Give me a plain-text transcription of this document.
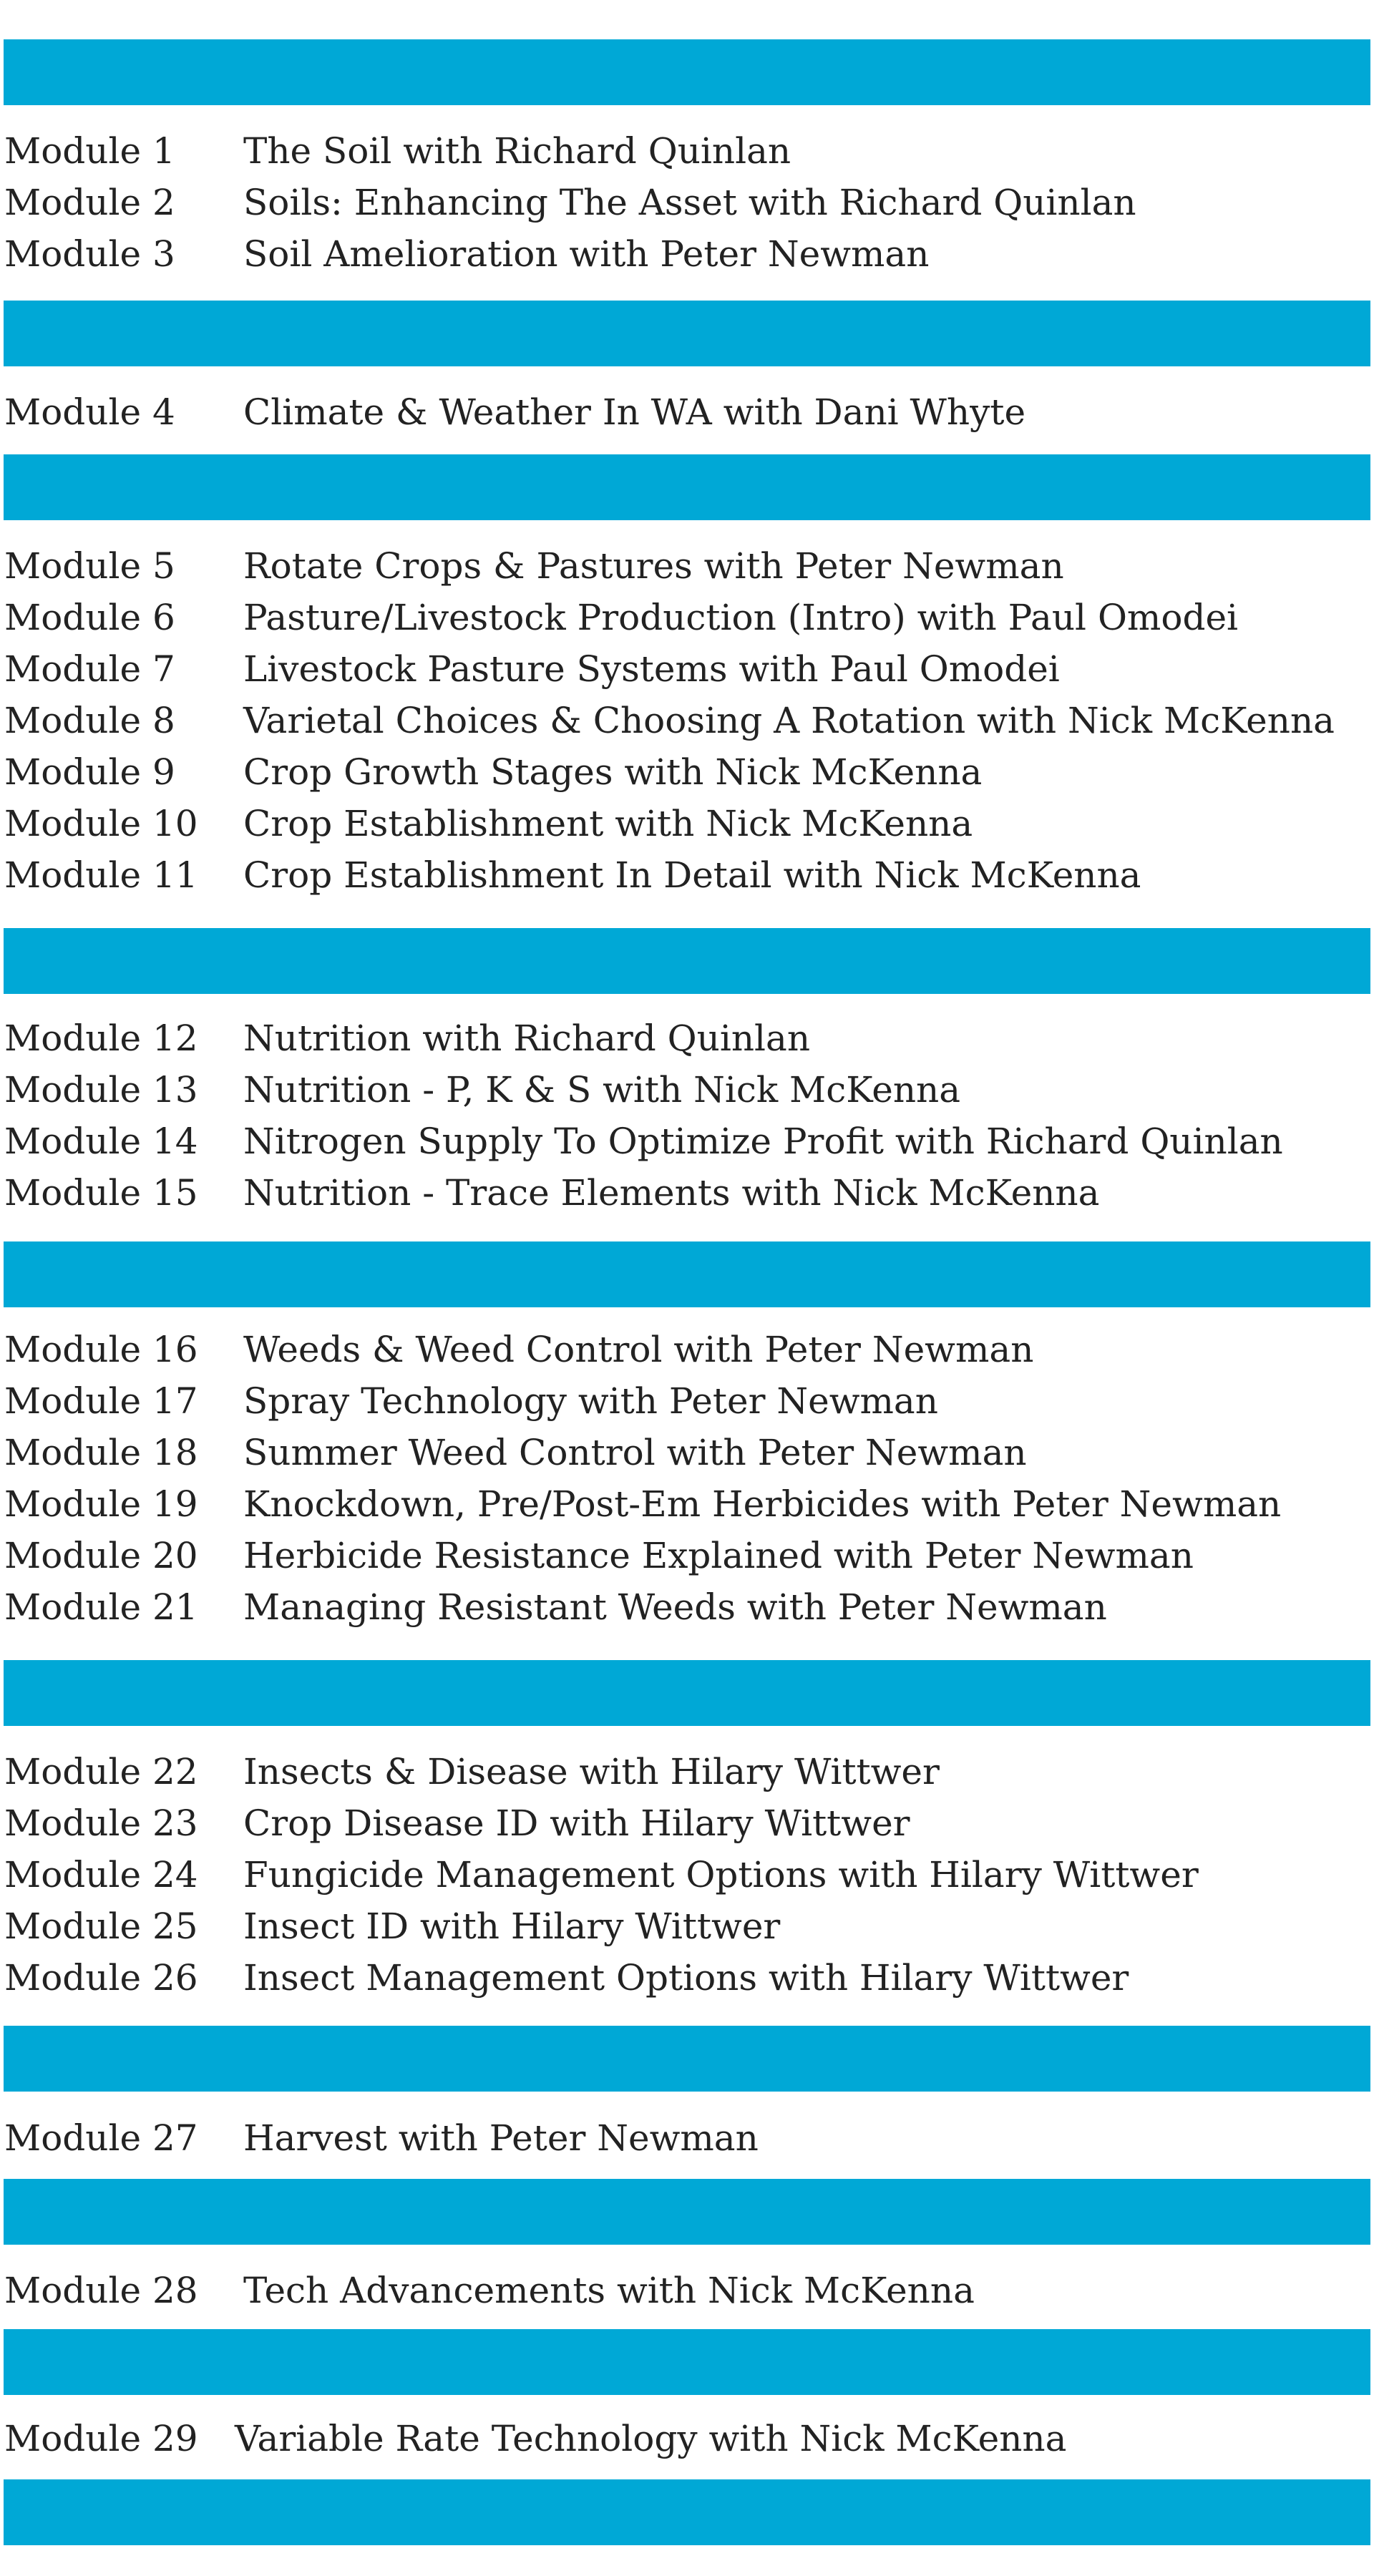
Module 1 The Soil with Richard Quinlan
Module 2 Soils: Enhancing The Asset with Richard Quinlan
Module 3 Soil Amelioration with Peter Newman
Module 4 Climate & Weather In WA with Dani Whyte
Module 5 Rotate Crops & Pastures with Peter Newman
Module 6 Pasture/Livestock Production (Intro) with Paul Omodei
Module 7 Livestock Pasture Systems with Paul Omodei
Module 8 Varietal Choices & Choosing A Rotation with Nick McKenna
Module 9 Crop Growth Stages with Nick McKenna
Module 10 Crop Establishment with Nick McKenna
Module 11 Crop Establishment In Detail with Nick McKenna
Module 12 Nutrition with Richard Quinlan
Module 13 Nutrition - P, K & S with Nick McKenna
Module 14 Nitrogen Supply To Optimize Profit with Richard Quinlan
Module 15 Nutrition - Trace Elements with Nick McKenna
Module 16 Weeds & Weed Control with Peter Newman
Module 17 Spray Technology with Peter Newman
Module 18 Summer Weed Control with Peter Newman
Module 19 Knockdown, Pre/Post-Em Herbicides with Peter Newman
Module 20 Herbicide Resistance Explained with Peter Newman
Module 21 Managing Resistant Weeds with Peter Newman
Module 22 Insects & Disease with Hilary Wittwer
Module 23 Crop Disease ID with Hilary Wittwer
Module 24 Fungicide Management Options with Hilary Wittwer
Module 25 Insect ID with Hilary Wittwer
Module 26 Insect Management Options with Hilary Wittwer
Module 27 Harvest with Peter Newman
Module 28 Tech Advancements with Nick McKenna
Module 29 Variable Rate Technology with Nick McKenna
